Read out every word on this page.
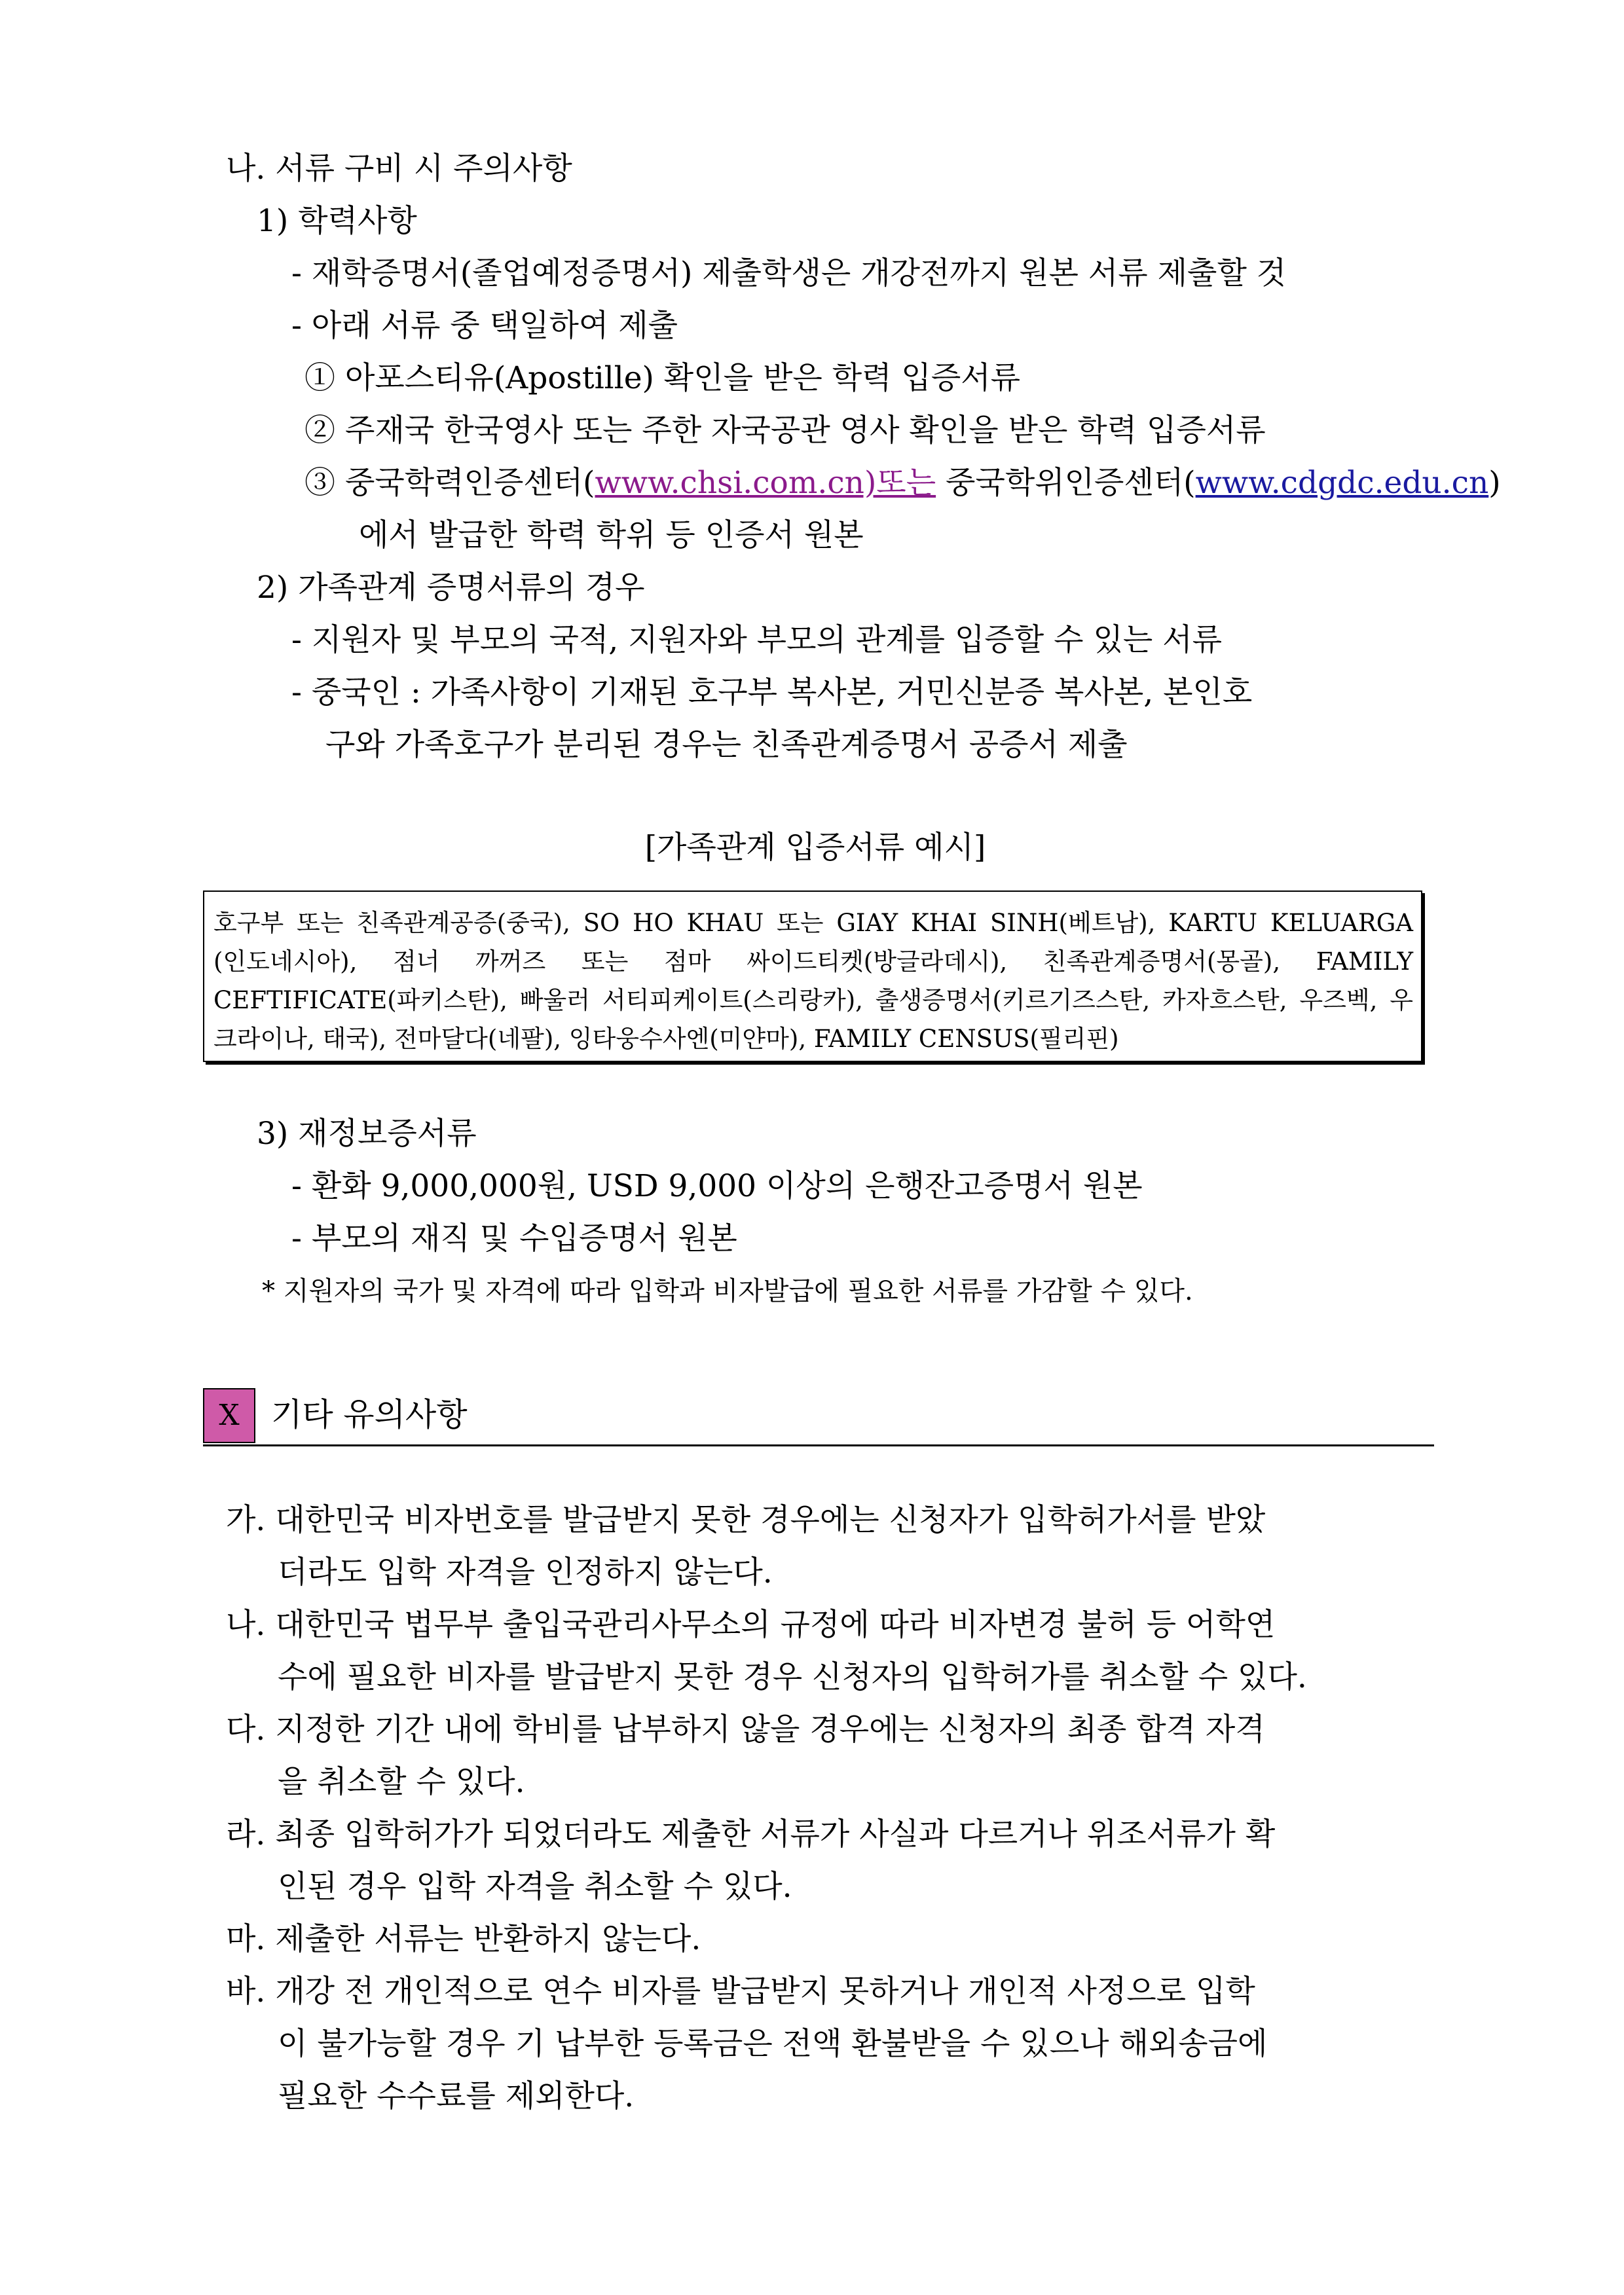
나. 서류 구비 시 주의사항
1) 학력사항
- 재학증명서(졸업예정증명서) 제출학생은 개강전까지 원본 서류 제출할 것
- 아래 서류 중 택일하여 제출
① 아포스티유(Apostille) 확인을 받은 학력 입증서류
② 주재국 한국영사 또는 주한 자국공관 영사 확인을 받은 학력 입증서류
③ 중국학력인증센터(www.chsi.com.cn)또는 중국학위인증센터(www.cdgdc.edu.cn)
에서 발급한 학력 학위 등 인증서 원본
2) 가족관계 증명서류의 경우
- 지원자 및 부모의 국적, 지원자와 부모의 관계를 입증할 수 있는 서류
- 중국인 : 가족사항이 기재된 호구부 복사본, 거민신분증 복사본, 본인호
구와 가족호구가 분리된 경우는 친족관계증명서 공증서 제출
[가족관계 입증서류 예시]
호구부 또는 친족관계공증(중국), SO HO KHAU 또는 GIAY KHAI SINH(베트남), KARTU KELUARGA
(인도네시아), 점너 까꺼즈 또는 점마 싸이드티켓(방글라데시), 친족관계증명서(몽골), FAMILY
CEFTIFICATE(파키스탄), 빠울러 서티피케이트(스리랑카), 출생증명서(키르기즈스탄, 카자흐스탄, 우즈벡, 우
크라이나, 태국), 전마달다(네팔), 잉타웅수사엔(미얀마), FAMILY CENSUS(필리핀)
3) 재정보증서류
- 환화 9,000,000원, USD 9,000 이상의 은행잔고증명서 원본
- 부모의 재직 및 수입증명서 원본
* 지원자의 국가 및 자격에 따라 입학과 비자발급에 필요한 서류를 가감할 수 있다.
X 기타 유의사항
가. 대한민국 비자번호를 발급받지 못한 경우에는 신청자가 입학허가서를 받았
더라도 입학 자격을 인정하지 않는다.
나. 대한민국 법무부 출입국관리사무소의 규정에 따라 비자변경 불허 등 어학연
수에 필요한 비자를 발급받지 못한 경우 신청자의 입학허가를 취소할 수 있다.
다. 지정한 기간 내에 학비를 납부하지 않을 경우에는 신청자의 최종 합격 자격
을 취소할 수 있다.
라. 최종 입학허가가 되었더라도 제출한 서류가 사실과 다르거나 위조서류가 확
인된 경우 입학 자격을 취소할 수 있다.
마. 제출한 서류는 반환하지 않는다.
바. 개강 전 개인적으로 연수 비자를 발급받지 못하거나 개인적 사정으로 입학
이 불가능할 경우 기 납부한 등록금은 전액 환불받을 수 있으나 해외송금에
필요한 수수료를 제외한다.
